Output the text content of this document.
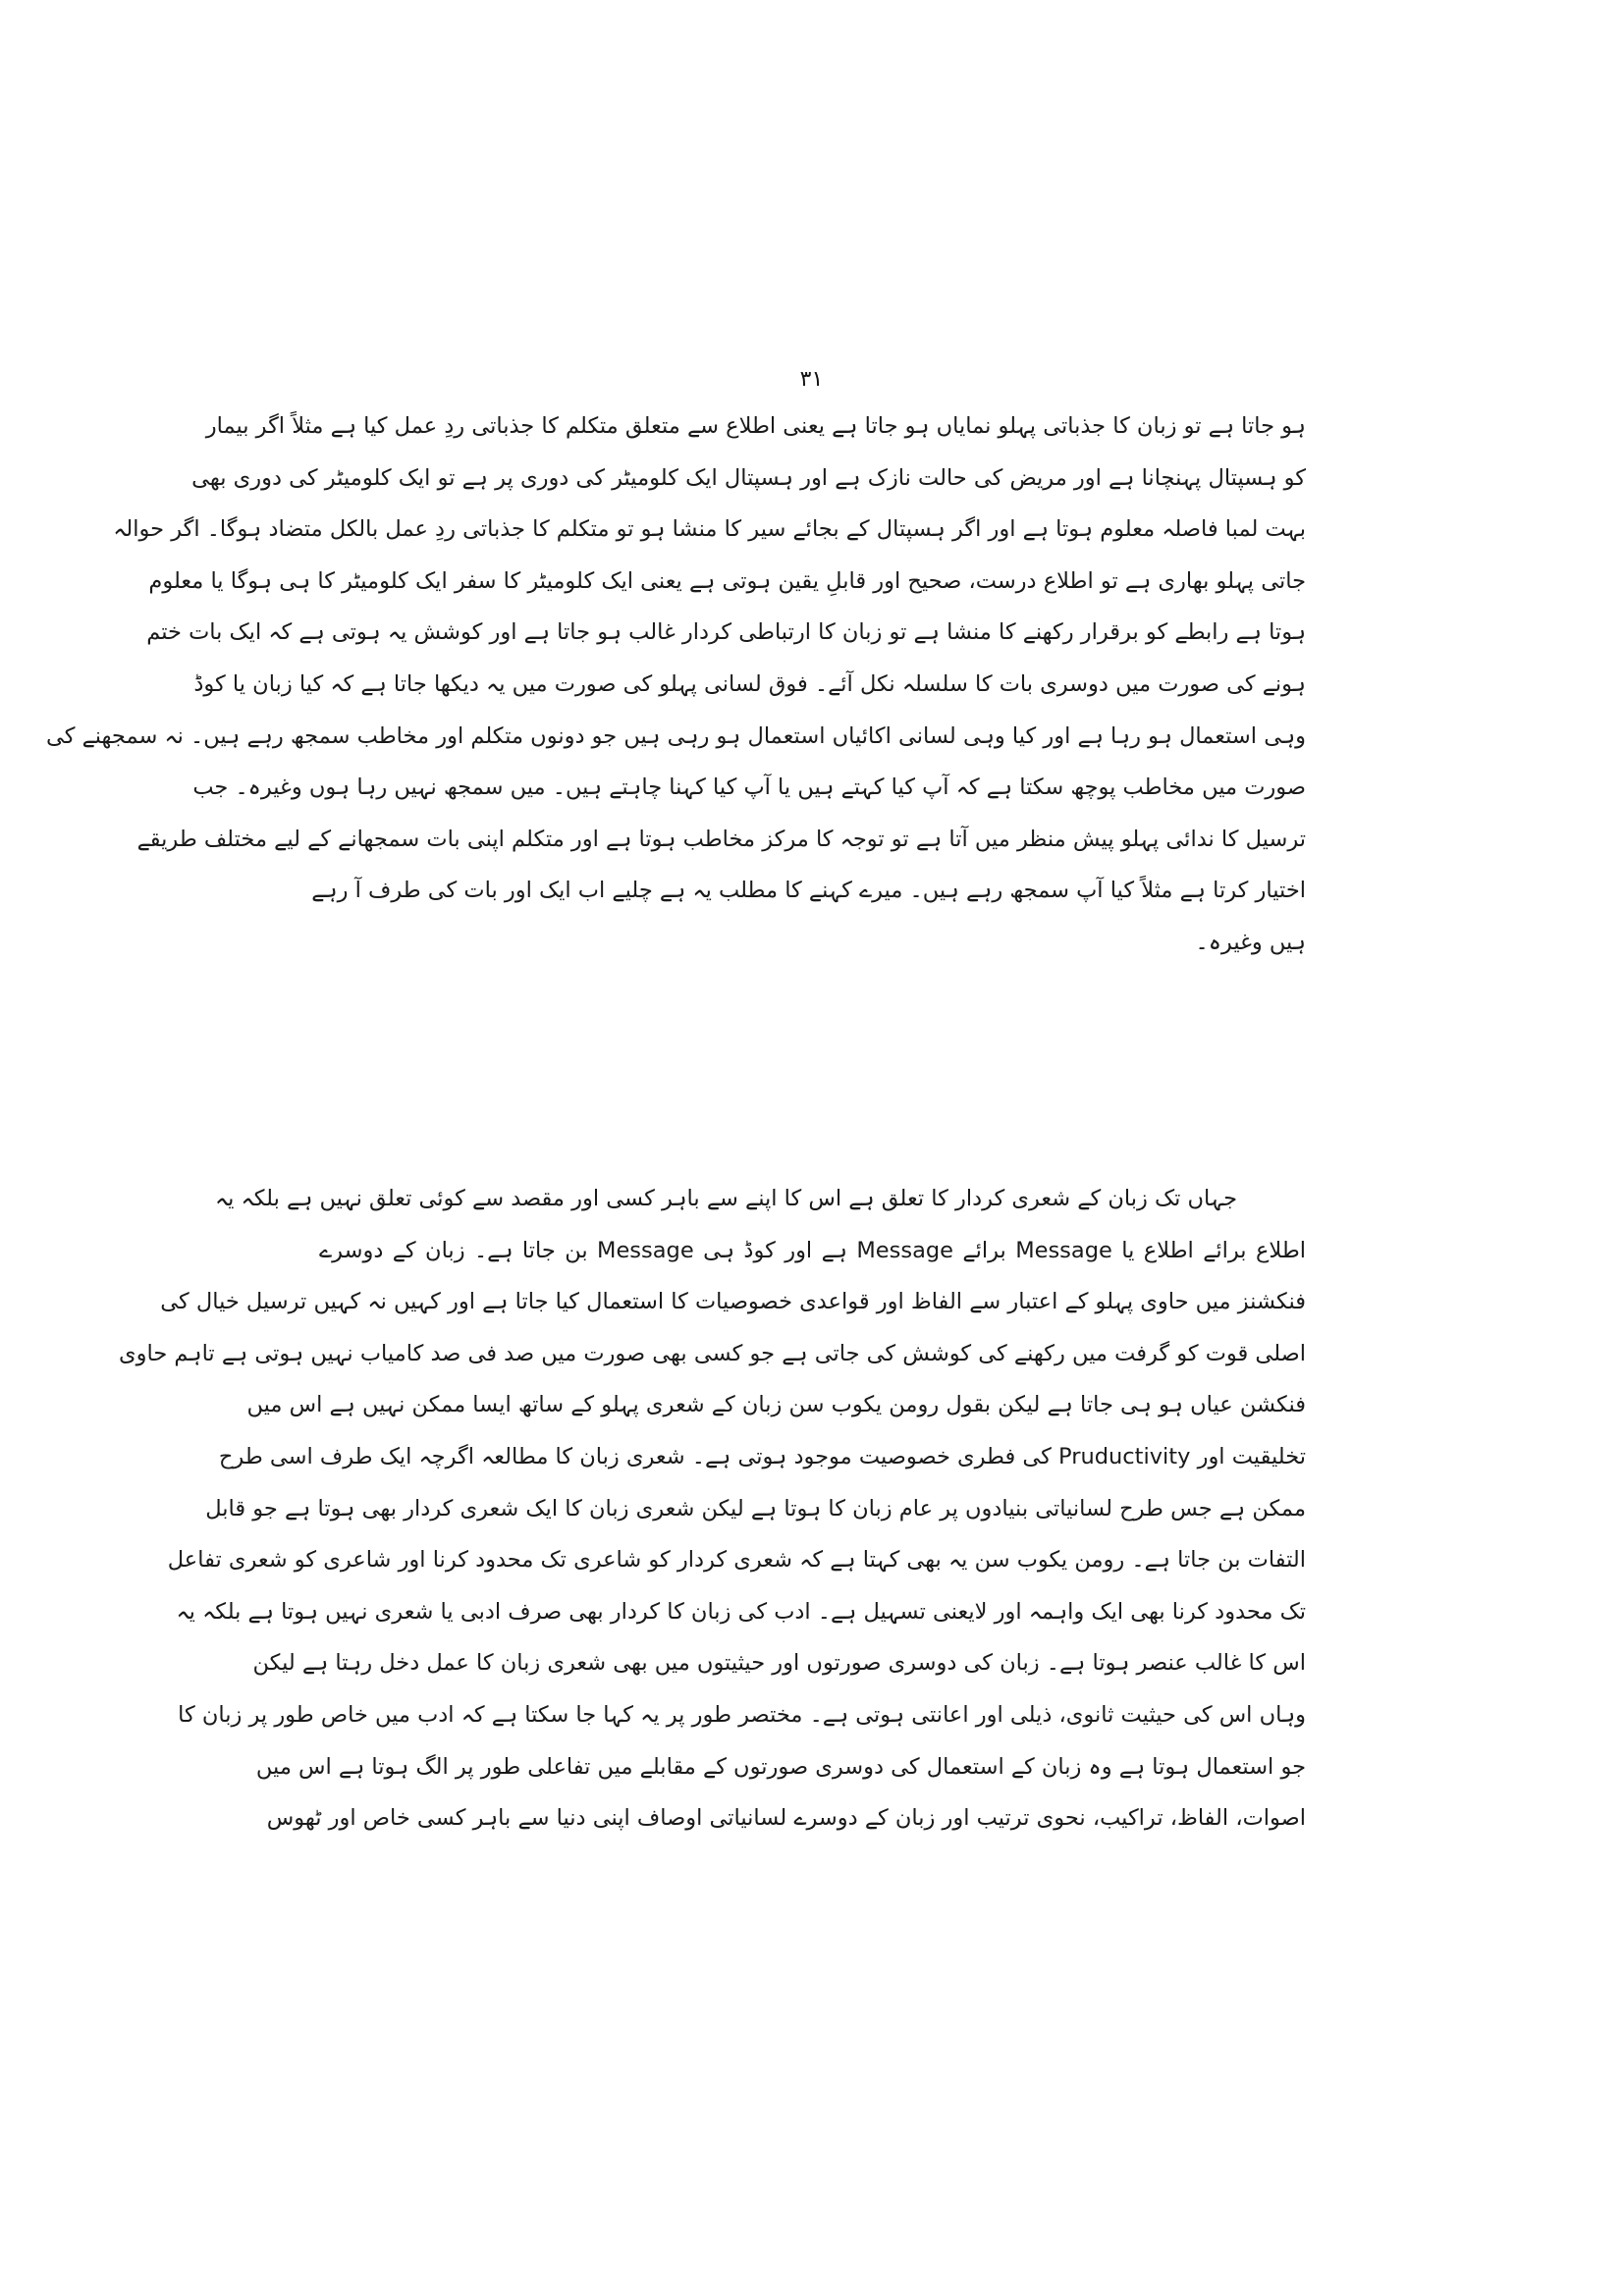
۳۱
ہو جاتا ہے تو زبان کا جذباتی پہلو نمایاں ہو جاتا ہے یعنی اطلاع سے متعلق متکلم کا جذباتی ردِ عمل کیا ہے مثلاً اگر بیمار
کو ہسپتال پہنچانا ہے اور مریض کی حالت نازک ہے اور ہسپتال ایک کلومیٹر کی دوری پر ہے تو ایک کلومیٹر کی دوری بھی
بہت لمبا فاصلہ معلوم ہوتا ہے اور اگر ہسپتال کے بجائے سیر کا منشا ہو تو متکلم کا جذباتی ردِ عمل بالکل متضاد ہوگا۔ اگر حوالہ
جاتی پہلو بھاری ہے تو اطلاع درست، صحیح اور قابلِ یقین ہوتی ہے یعنی ایک کلومیٹر کا سفر ایک کلومیٹر کا ہی ہوگا یا معلوم
ہوتا ہے رابطے کو برقرار رکھنے کا منشا ہے تو زبان کا ارتباطی کردار غالب ہو جاتا ہے اور کوشش یہ ہوتی ہے کہ ایک بات ختم
ہونے کی صورت میں دوسری بات کا سلسلہ نکل آئے۔ فوق لسانی پہلو کی صورت میں یہ دیکھا جاتا ہے کہ کیا زبان یا کوڈ
وہی استعمال ہو رہا ہے اور کیا وہی لسانی اکائیاں استعمال ہو رہی ہیں جو دونوں متکلم اور مخاطب سمجھ رہے ہیں۔ نہ سمجھنے کی
صورت میں مخاطب پوچھ سکتا ہے کہ آپ کیا کہتے ہیں یا آپ کیا کہنا چاہتے ہیں۔ میں سمجھ نہیں رہا ہوں وغیرہ۔ جب
ترسیل کا ندائی پہلو پیش منظر میں آتا ہے تو توجہ کا مرکز مخاطب ہوتا ہے اور متکلم اپنی بات سمجھانے کے لیے مختلف طریقے
اختیار کرتا ہے مثلاً کیا آپ سمجھ رہے ہیں۔ میرے کہنے کا مطلب یہ ہے چلیے اب ایک اور بات کی طرف آ رہے
ہیں وغیرہ۔
جہاں تک زبان کے شعری کردار کا تعلق ہے اس کا اپنے سے باہر کسی اور مقصد سے کوئی تعلق نہیں ہے بلکہ یہ
اطلاع برائے اطلاع یا Message برائے Message ہے اور کوڈ ہی Message بن جاتا ہے۔ زبان کے دوسرے
فنکشنز میں حاوی پہلو کے اعتبار سے الفاظ اور قواعدی خصوصیات کا استعمال کیا جاتا ہے اور کہیں نہ کہیں ترسیل خیال کی
اصلی قوت کو گرفت میں رکھنے کی کوشش کی جاتی ہے جو کسی بھی صورت میں صد فی صد کامیاب نہیں ہوتی ہے تاہم حاوی
فنکشن عیاں ہو ہی جاتا ہے لیکن بقول رومن یکوب سن زبان کے شعری پہلو کے ساتھ ایسا ممکن نہیں ہے اس میں
تخلیقیت اور Pruductivity کی فطری خصوصیت موجود ہوتی ہے۔ شعری زبان کا مطالعہ اگرچہ ایک طرف اسی طرح
ممکن ہے جس طرح لسانیاتی بنیادوں پر عام زبان کا ہوتا ہے لیکن شعری زبان کا ایک شعری کردار بھی ہوتا ہے جو قابل
التفات بن جاتا ہے۔ رومن یکوب سن یہ بھی کہتا ہے کہ شعری کردار کو شاعری تک محدود کرنا اور شاعری کو شعری تفاعل
تک محدود کرنا بھی ایک واہمہ اور لایعنی تسہیل ہے۔ ادب کی زبان کا کردار بھی صرف ادبی یا شعری نہیں ہوتا ہے بلکہ یہ
اس کا غالب عنصر ہوتا ہے۔ زبان کی دوسری صورتوں اور حیثیتوں میں بھی شعری زبان کا عمل دخل رہتا ہے لیکن
وہاں اس کی حیثیت ثانوی، ذیلی اور اعانتی ہوتی ہے۔ مختصر طور پر یہ کہا جا سکتا ہے کہ ادب میں خاص طور پر زبان کا
جو استعمال ہوتا ہے وہ زبان کے استعمال کی دوسری صورتوں کے مقابلے میں تفاعلی طور پر الگ ہوتا ہے اس میں
اصوات، الفاظ، تراکیب، نحوی ترتیب اور زبان کے دوسرے لسانیاتی اوصاف اپنی دنیا سے باہر کسی خاص اور ٹھوس
